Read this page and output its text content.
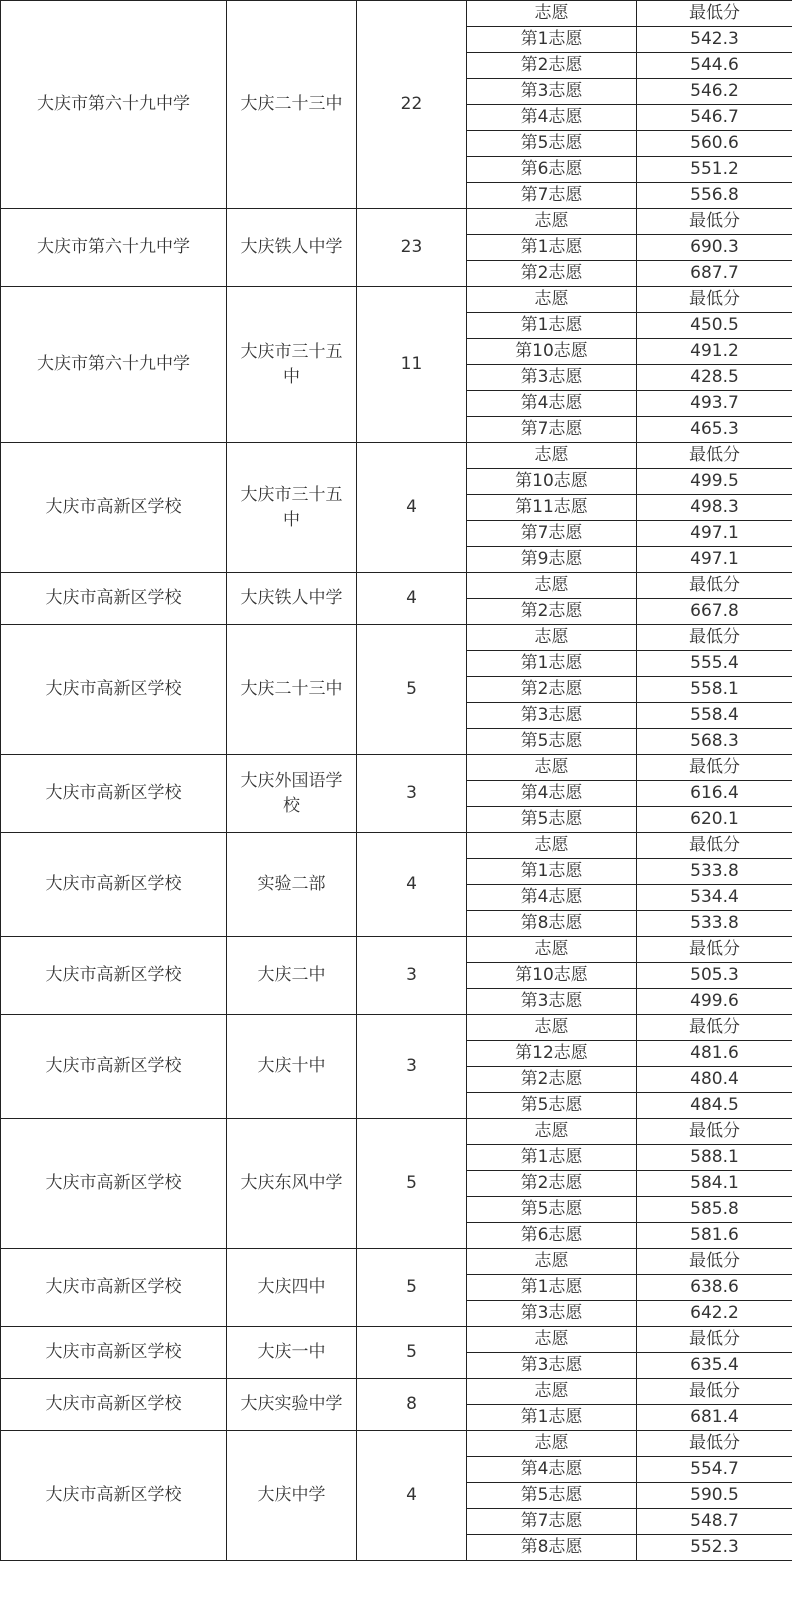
大庆市第六十九中学	大庆二十三中	22	志愿	最低分
			第1志愿	542.3
			第2志愿	544.6
			第3志愿	546.2
			第4志愿	546.7
			第5志愿	560.6
			第6志愿	551.2
			第7志愿	556.8
大庆市第六十九中学	大庆铁人中学	23	志愿	最低分
			第1志愿	690.3
			第2志愿	687.7
大庆市第六十九中学	大庆市三十五中	11	志愿	最低分
			第1志愿	450.5
			第10志愿	491.2
			第3志愿	428.5
			第4志愿	493.7
			第7志愿	465.3
大庆市高新区学校	大庆市三十五中	4	志愿	最低分
			第10志愿	499.5
			第11志愿	498.3
			第7志愿	497.1
			第9志愿	497.1
大庆市高新区学校	大庆铁人中学	4	志愿	最低分
			第2志愿	667.8
大庆市高新区学校	大庆二十三中	5	志愿	最低分
			第1志愿	555.4
			第2志愿	558.1
			第3志愿	558.4
			第5志愿	568.3
大庆市高新区学校	大庆外国语学校	3	志愿	最低分
			第4志愿	616.4
			第5志愿	620.1
大庆市高新区学校	实验二部	4	志愿	最低分
			第1志愿	533.8
			第4志愿	534.4
			第8志愿	533.8
大庆市高新区学校	大庆二中	3	志愿	最低分
			第10志愿	505.3
			第3志愿	499.6
大庆市高新区学校	大庆十中	3	志愿	最低分
			第12志愿	481.6
			第2志愿	480.4
			第5志愿	484.5
大庆市高新区学校	大庆东风中学	5	志愿	最低分
			第1志愿	588.1
			第2志愿	584.1
			第5志愿	585.8
			第6志愿	581.6
大庆市高新区学校	大庆四中	5	志愿	最低分
			第1志愿	638.6
			第3志愿	642.2
大庆市高新区学校	大庆一中	5	志愿	最低分
			第3志愿	635.4
大庆市高新区学校	大庆实验中学	8	志愿	最低分
			第1志愿	681.4
大庆市高新区学校	大庆中学	4	志愿	最低分
			第4志愿	554.7
			第5志愿	590.5
			第7志愿	548.7
			第8志愿	552.3
